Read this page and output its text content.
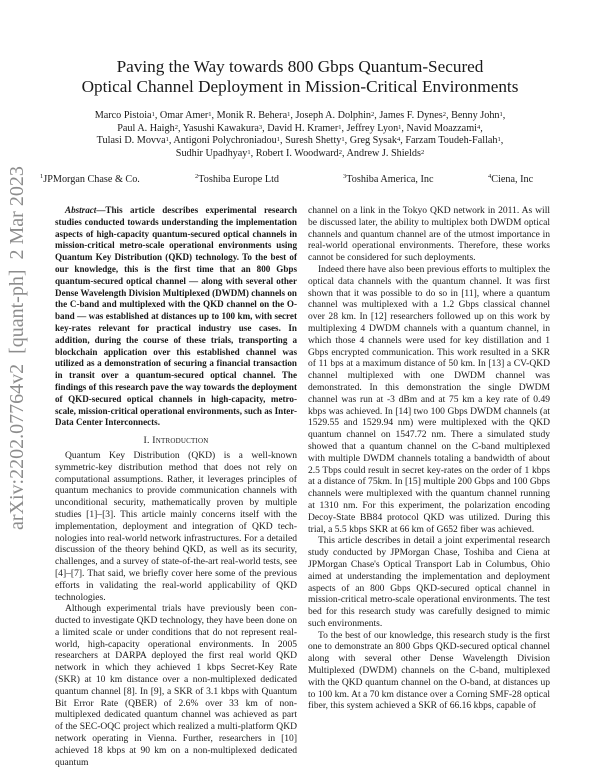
arXiv:2202.07764v2  [quant-ph]  2 Mar 2023
Paving the Way towards 800 Gbps Quantum-Secured
Optical Channel Deployment in Mission-Critical Environments
Marco Pistoia$^1$, Omar Amer$^1$, Monik R. Behera$^1$, Joseph A. Dolphin$^2$, James F. Dynes$^2$, Benny John$^1$,
Paul A. Haigh$^2$, Yasushi Kawakura$^3$, David H. Kramer$^1$, Jeffrey Lyon$^1$, Navid Moazzami$^4$,
Tulasi D. Movva$^1$, Antigoni Polychroniadou$^1$, Suresh Shetty$^1$, Greg Sysak$^4$, Farzam Toudeh-Fallah$^1$,
Sudhir Upadhyay$^1$, Robert I. Woodward$^2$, Andrew J. Shields$^2$
$^1$JPMorgan Chase & Co.	$^2$Toshiba Europe Ltd	$^3$Toshiba America, Inc	$^4$Ciena, Inc

Abstract—This article describes experimental research studies conducted towards understanding the implementation aspects of high-capacity quantum-secured optical channels in mission-critical metro-scale operational environments using Quantum Key Distribution (QKD) technology. To the best of our knowledge, this is the first time that an 800 Gbps quantum-secured optical channel — along with several other Dense Wavelength Division Multiplexed (DWDM) channels on the C-band and multiplexed with the QKD channel on the O-band — was established at distances up to 100 km, with secret key-rates relevant for practical industry use cases. In addition, during the course of these trials, transporting a blockchain application over this established channel was utilized as a demonstration of securing a financial transaction in transit over a quantum-secured optical channel. The findings of this research pave the way towards the deployment of QKD-secured optical channels in high-capacity, metro-scale, mission-critical operational environments, such as Inter-Data Center Interconnects.

I. Introduction

Quantum Key Distribution (QKD) is a well-known symmetric-key distribution method that does not rely on computational assumptions. Rather, it leverages principles of quantum mechanics to provide communication channels with unconditional security, mathematically proven by multiple studies [1]–[3]. This article mainly concerns itself with the implementation, deployment and integration of QKD tech-nologies into real-world network infrastructures. For a detailed discussion of the theory behind QKD, as well as its security, challenges, and a survey of state-of-the-art real-world tests, see [4]–[7]. That said, we briefly cover here some of the previous efforts in validating the real-world applicability of QKD technologies.

Although experimental trials have previously been con-ducted to investigate QKD technology, they have been done on a limited scale or under conditions that do not represent real-world, high-capacity operational environments. In 2005 researchers at DARPA deployed the first real world QKD network in which they achieved 1 kbps Secret-Key Rate (SKR) at 10 km distance over a non-multiplexed dedicated quantum channel [8]. In [9], a SKR of 3.1 kbps with Quantum Bit Error Rate (QBER) of 2.6% over 33 km of non-multiplexed dedicated quantum channel was achieved as part of the SEC-OQC project which realized a multi-platform QKD network operating in Vienna. Further, researchers in [10] achieved 18 kbps at 90 km on a non-multiplexed dedicated quantum

channel on a link in the Tokyo QKD network in 2011. As will be discussed later, the ability to multiplex both DWDM optical channels and quantum channel are of the utmost importance in real-world operational environments. Therefore, these works cannot be considered for such deployments.

Indeed there have also been previous efforts to multiplex the optical data channels with the quantum channel. It was first shown that it was possible to do so in [11], where a quantum channel was multiplexed with a 1.2 Gbps classical channel over 28 km. In [12] researchers followed up on this work by multiplexing 4 DWDM channels with a quantum channel, in which those 4 channels were used for key distillation and 1 Gbps encrypted communication. This work resulted in a SKR of 11 bps at a maximum distance of 50 km. In [13] a CV-QKD channel multiplexed with one DWDM channel was demonstrated. In this demonstration the single DWDM channel was run at -3 dBm and at 75 km a key rate of 0.49 kbps was achieved. In [14] two 100 Gbps DWDM channels (at 1529.55 and 1529.94 nm) were multiplexed with the QKD quantum channel on 1547.72 nm. There a simulated study showed that a quantum channel on the C-band multiplexed with multiple DWDM channels totaling a bandwidth of about 2.5 Tbps could result in secret key-rates on the order of 1 kbps at a distance of 75km. In [15] multiple 200 Gbps and 100 Gbps channels were multiplexed with the quantum channel running at 1310 nm. For this experiment, the polarization encoding Decoy-State BB84 protocol QKD was utilized. During this trial, a 5.5 kbps SKR at 66 km of G652 fiber was achieved.

This article describes in detail a joint experimental research study conducted by JPMorgan Chase, Toshiba and Ciena at JPMorgan Chase's Optical Transport Lab in Columbus, Ohio aimed at understanding the implementation and deployment aspects of an 800 Gbps QKD-secured optical channel in mission-critical metro-scale operational environments. The test bed for this research study was carefully designed to mimic such environments.

To the best of our knowledge, this research study is the first one to demonstrate an 800 Gbps QKD-secured optical channel along with several other Dense Wavelength Division Multiplexed (DWDM) channels on the C-band, multiplexed with the QKD quantum channel on the O-band, at distances up to 100 km. At a 70 km distance over a Corning SMF-28 optical fiber, this system achieved a SKR of 66.16 kbps, capable of
